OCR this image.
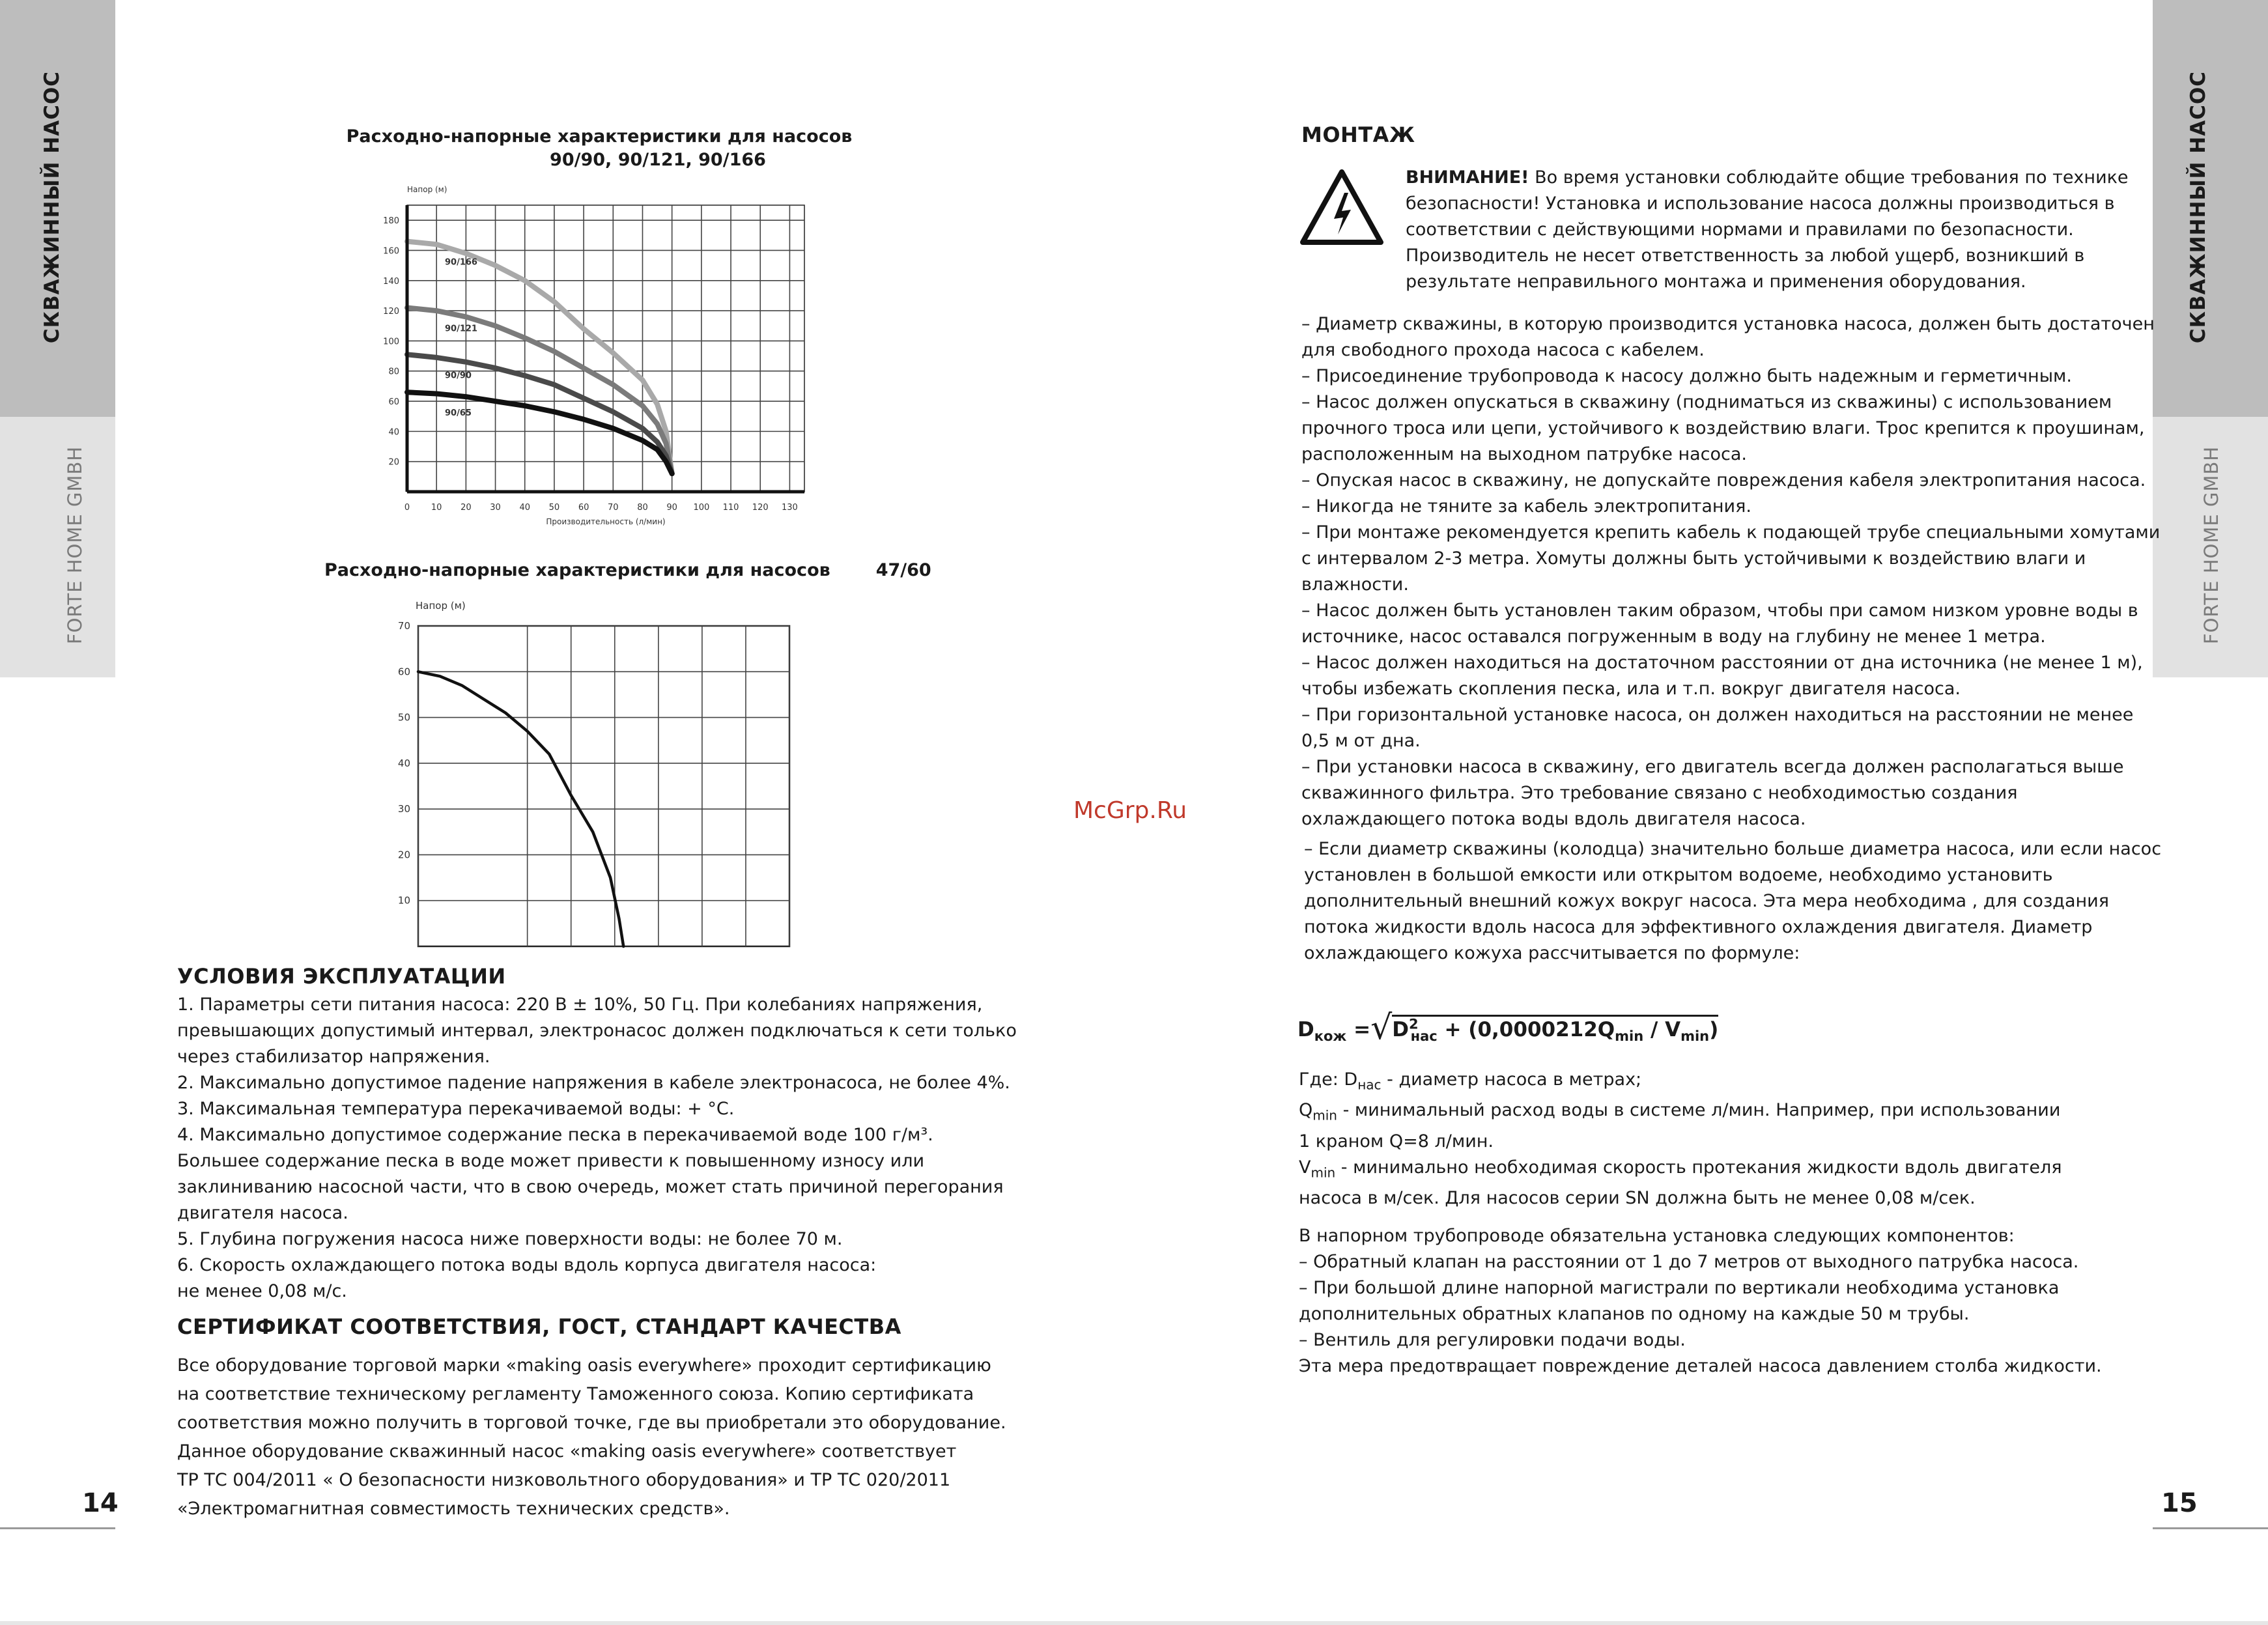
СКВАЖИННЫЙ НАСОС
FORTE HOME GMBH
14
СКВАЖИННЫЙ НАСОС
FORTE HOME GMBH
15
Расходно-напорные характеристики для насосов
90/90, 90/121, 90/166
0	10 20 30 40 50 60 70 80 90 100 110 120 130
20
40
60
80
100
120
140
160
180
Напор (м)
Производительность (л/мин)
90/166
90/121
90/90
90/65
Расходно-напорные характеристики для насосов	47/60
10
20
30
40
50
60
70
Напор (м)
УСЛОВИЯ ЭКСПЛУАТАЦИИ
1. Параметры сети питания насоса: 220 В ± 10%, 50 Гц. При колебаниях напряжения,
превышающих допустимый интервал, электронасос должен подключаться к сети только
через стабилизатор напряжения.
2. Максимально допустимое падение напряжения в кабеле электронасоса, не более 4%.
3. Максимальная температура перекачиваемой воды: + °С.
4. Максимально допустимое содержание песка в перекачиваемой воде 100 г/м³.
Большее содержание песка в воде может привести к повышенному износу или
заклиниванию насосной части, что в свою очередь, может стать причиной перегорания
двигателя насоса.
5. Глубина погружения насоса ниже поверхности воды: не более 70 м.
6. Скорость охлаждающего потока воды вдоль корпуса двигателя насоса:
не менее 0,08 м/с.
СЕРТИФИКАТ СООТВЕТСТВИЯ, ГОСТ, СТАНДАРТ КАЧЕСТВА
Все оборудование торговой марки «making oasis everywhere» проходит сертификацию
на соответствие техническому регламенту Таможенного союза. Копию сертификата
соответствия можно получить в торговой точке, где вы приобретали это оборудование.
Данное оборудование скважинный насос «making oasis everywhere» соответствует
ТР ТС 004/2011 « О безопасности низковольтного оборудования» и ТР ТС 020/2011
«Электромагнитная совместимость технических средств».
McGrp.Ru
МОНТАЖ
ВНИМАНИЕ! Во время установки соблюдайте общие требования по технике
безопасности! Установка и использование насоса должны производиться в
соответствии с действующими нормами и правилами по безопасности.
Производитель не несет ответственность за любой ущерб, возникший в
результате неправильного монтажа и применения оборудования.
– Диаметр скважины, в которую производится установка насоса, должен быть достаточен
для свободного прохода насоса с кабелем.
– Присоединение трубопровода к насосу должно быть надежным и герметичным.
– Насос должен опускаться в скважину (подниматься из скважины) с использованием
прочного троса или цепи, устойчивого к воздействию влаги. Трос крепится к проушинам,
расположенным на выходном патрубке насоса.
– Опуская насос в скважину, не допускайте повреждения кабеля электропитания насоса.
– Никогда не тяните за кабель электропитания.
– При монтаже рекомендуется крепить кабель к подающей трубе специальными хомутами
с интервалом 2-3 метра. Хомуты должны быть устойчивыми к воздействию влаги и
влажности.
– Насос должен быть установлен таким образом, чтобы при самом низком уровне воды в
источнике, насос оставался погруженным в воду на глубину не менее 1 метра.
– Насос должен находиться на достаточном расстоянии от дна источника (не менее 1 м),
чтобы избежать скопления песка, ила и т.п. вокруг двигателя насоса.
– При горизонтальной установке насоса, он должен находиться на расстоянии не менее
0,5 м от дна.
– При установки насоса в скважину, его двигатель всегда должен располагаться выше
скважинного фильтра. Это требование связано с необходимостью создания
охлаждающего потока воды вдоль двигателя насоса.
– Если диаметр скважины (колодца) значительно больше диаметра насоса, или если насос
установлен в большой емкости или открытом водоеме, необходимо установить
дополнительный внешний кожух вокруг насоса. Эта мера необходима , для создания
потока жидкости вдоль насоса для эффективного охлаждения двигателя. Диаметр
охлаждающего кожуха рассчитывается по формуле:
$D_{кож} =√D^2_{нас} + (0,0000212Q_{min} / V_{min})$
Где: $D_{нас}$ - диаметр насоса в метрах;
$Q_{min}$ - минимальный расход воды в системе л/мин. Например, при использовании
1 краном Q=8 л/мин.
$V_{min}$ - минимально необходимая скорость протекания жидкости вдоль двигателя
насоса в м/сек. Для насосов серии SN должна быть не менее 0,08 м/сек.
В напорном трубопроводе обязательна установка следующих компонентов:
– Обратный клапан на расстоянии от 1 до 7 метров от выходного патрубка насоса.
– При большой длине напорной магистрали по вертикали необходима установка
дополнительных обратных клапанов по одному на каждые 50 м трубы.
– Вентиль для регулировки подачи воды.
Эта мера предотвращает повреждение деталей насоса давлением столба жидкости.
